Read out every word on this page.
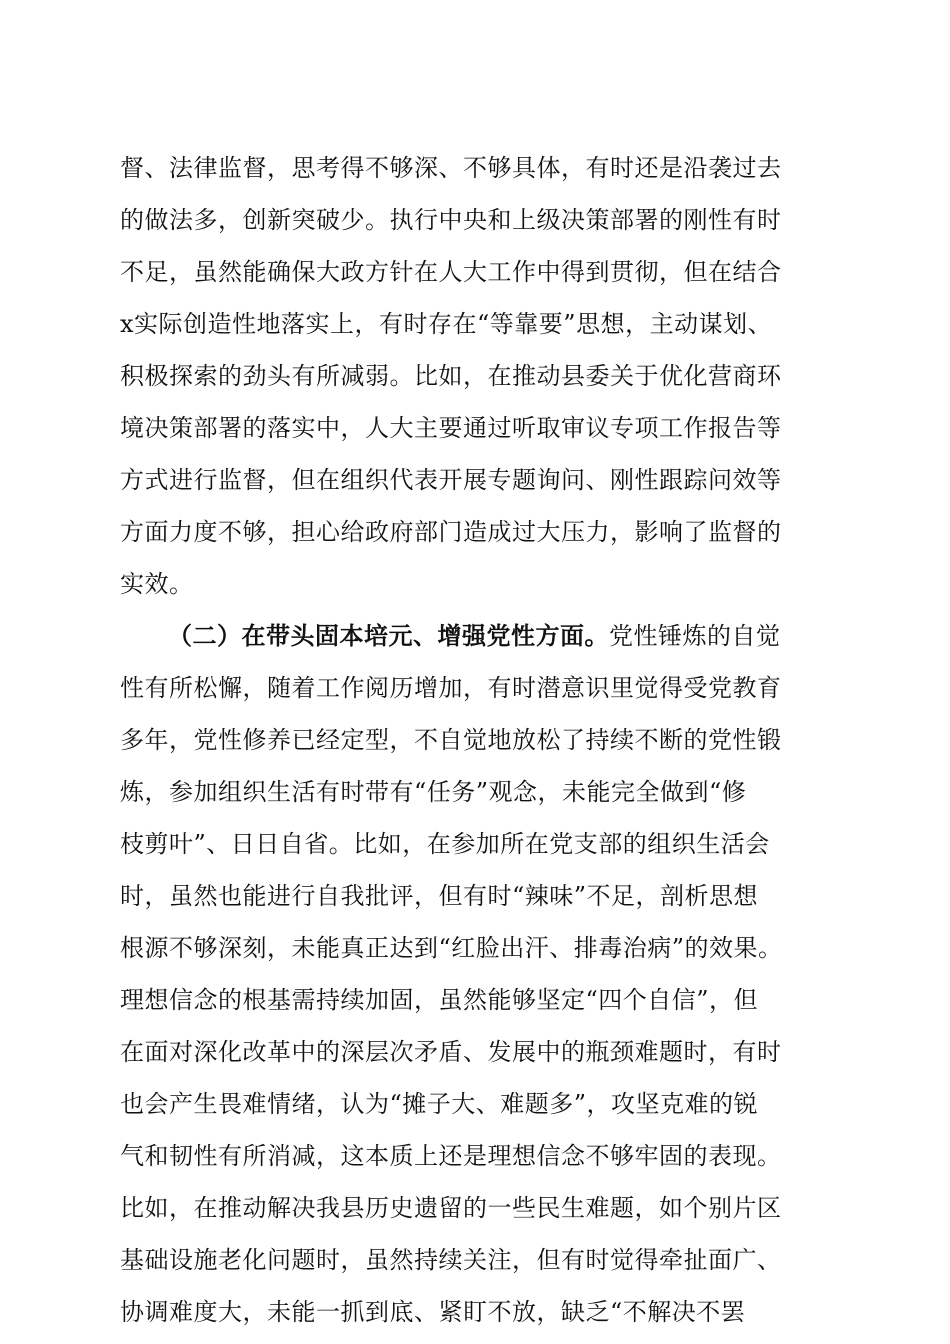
督、法律监督，思考得不够深、不够具体，有时还是沿袭过去
的做法多，创新突破少。执行中央和上级决策部署的刚性有时
不足，虽然能确保大政方针在人大工作中得到贯彻，但在结合
x实际创造性地落实上，有时存在“等靠要”思想，主动谋划、
积极探索的劲头有所减弱。比如，在推动县委关于优化营商环
境决策部署的落实中，人大主要通过听取审议专项工作报告等
方式进行监督，但在组织代表开展专题询问、刚性跟踪问效等
方面力度不够，担心给政府部门造成过大压力，影响了监督的
实效。
（二）在带头固本培元、增强党性方面。党性锤炼的自觉
性有所松懈，随着工作阅历增加，有时潜意识里觉得受党教育
多年，党性修养已经定型，不自觉地放松了持续不断的党性锻
炼，参加组织生活有时带有“任务”观念，未能完全做到“修
枝剪叶”、日日自省。比如，在参加所在党支部的组织生活会
时，虽然也能进行自我批评，但有时“辣味”不足，剖析思想
根源不够深刻，未能真正达到“红脸出汗、排毒治病”的效果。
理想信念的根基需持续加固，虽然能够坚定“四个自信”，但
在面对深化改革中的深层次矛盾、发展中的瓶颈难题时，有时
也会产生畏难情绪，认为“摊子大、难题多”，攻坚克难的锐
气和韧性有所消减，这本质上还是理想信念不够牢固的表现。
比如，在推动解决我县历史遗留的一些民生难题，如个别片区
基础设施老化问题时，虽然持续关注，但有时觉得牵扯面广、
协调难度大，未能一抓到底、紧盯不放，缺乏“不解决不罢
